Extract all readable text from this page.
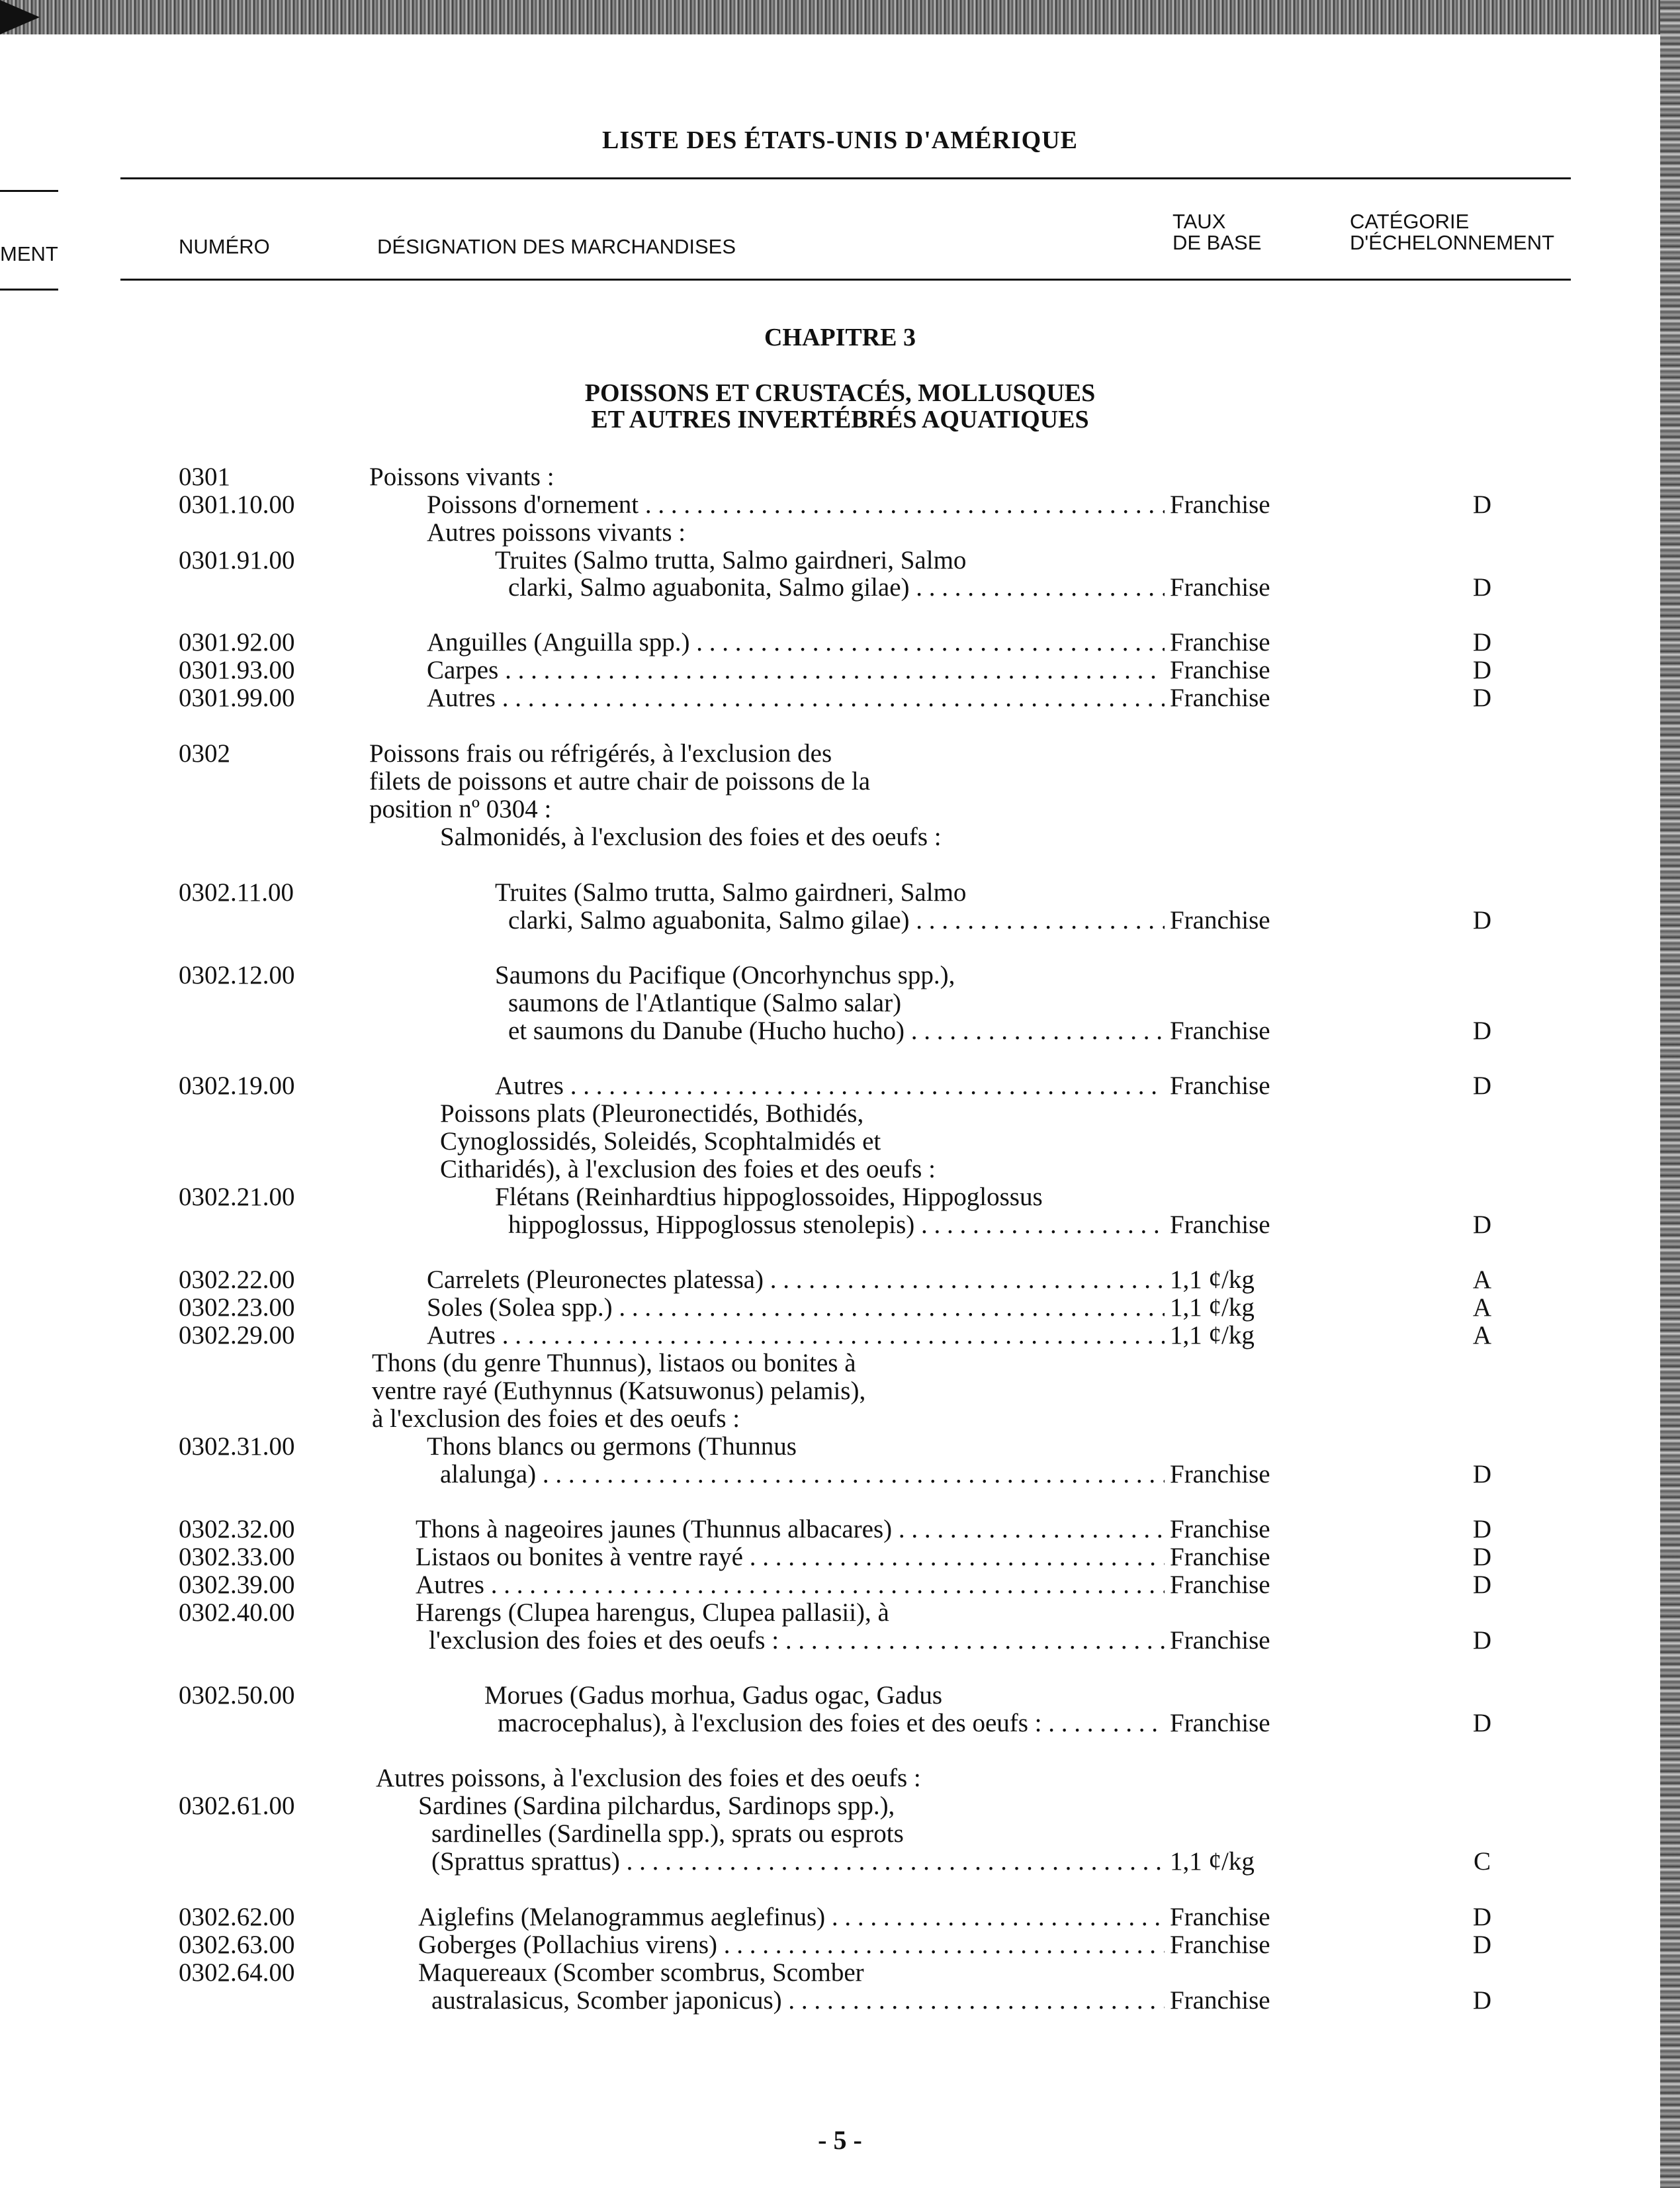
LISTE DES ÉTATS-UNIS D'AMÉRIQUE
MENT	NUMÉRO	DÉSIGNATION DES MARCHANDISES
TAUX
DE BASE
CATÉGORIE
D'ÉCHELONNEMENT
CHAPITRE 3
POISSONS ET CRUSTACÉS, MOLLUSQUES
ET AUTRES INVERTÉBRÉS AQUATIQUES
0301	Poissons vivants :
0301.10.00	Poissons d'ornement . . .	Franchise	D
Autres poissons vivants :
0301.91.00	Truites (Salmo trutta, Salmo gairdneri, Salmo
clarki, Salmo aguabonita, Salmo gilae) . . .	Franchise	D
0301.92.00	Anguilles (Anguilla spp.) . . .	Franchise	D
0301.93.00	Carpes . . .	Franchise	D
0301.99.00	Autres . . .	Franchise	D
0302	Poissons frais ou réfrigérés, à l'exclusion des
filets de poissons et autre chair de poissons de la
position nº 0304 :
Salmonidés, à l'exclusion des foies et des oeufs :
0302.11.00	Truites (Salmo trutta, Salmo gairdneri, Salmo
clarki, Salmo aguabonita, Salmo gilae) . . .	Franchise	D
0302.12.00	Saumons du Pacifique (Oncorhynchus spp.),
saumons de l'Atlantique (Salmo salar)
et saumons du Danube (Hucho hucho) . . .	Franchise	D
0302.19.00	Autres . . .	Franchise	D
Poissons plats (Pleuronectidés, Bothidés,
Cynoglossidés, Soleidés, Scophtalmidés et
Citharidés), à l'exclusion des foies et des oeufs :
0302.21.00	Flétans (Reinhardtius hippoglossoides, Hippoglossus
hippoglossus, Hippoglossus stenolepis) . . .	Franchise	D
0302.22.00	Carrelets (Pleuronectes platessa) . . .	1,1 ¢/kg	A
0302.23.00	Soles (Solea spp.) . . .	1,1 ¢/kg	A
0302.29.00	Autres . . .	1,1 ¢/kg	A
Thons (du genre Thunnus), listaos ou bonites à
ventre rayé (Euthynnus (Katsuwonus) pelamis),
à l'exclusion des foies et des oeufs :
0302.31.00	Thons blancs ou germons (Thunnus
alalunga) . . .	Franchise	D
0302.32.00	Thons à nageoires jaunes (Thunnus albacares) . . .	Franchise	D
0302.33.00	Listaos ou bonites à ventre rayé . . .	Franchise	D
0302.39.00	Autres . . .	Franchise	D
0302.40.00	Harengs (Clupea harengus, Clupea pallasii), à
l'exclusion des foies et des oeufs : . . .	Franchise	D
0302.50.00	Morues (Gadus morhua, Gadus ogac, Gadus
macrocephalus), à l'exclusion des foies et des oeufs : . . .	Franchise	D
Autres poissons, à l'exclusion des foies et des oeufs :
0302.61.00	Sardines (Sardina pilchardus, Sardinops spp.),
sardinelles (Sardinella spp.), sprats ou esprots
(Sprattus sprattus) . . .	1,1 ¢/kg	C
0302.62.00	Aiglefins (Melanogrammus aeglefinus) . . .	Franchise	D
0302.63.00	Goberges (Pollachius virens) . . .	Franchise	D
0302.64.00	Maquereaux (Scomber scombrus, Scomber
australasicus, Scomber japonicus) . . .	Franchise	D
- 5 -
